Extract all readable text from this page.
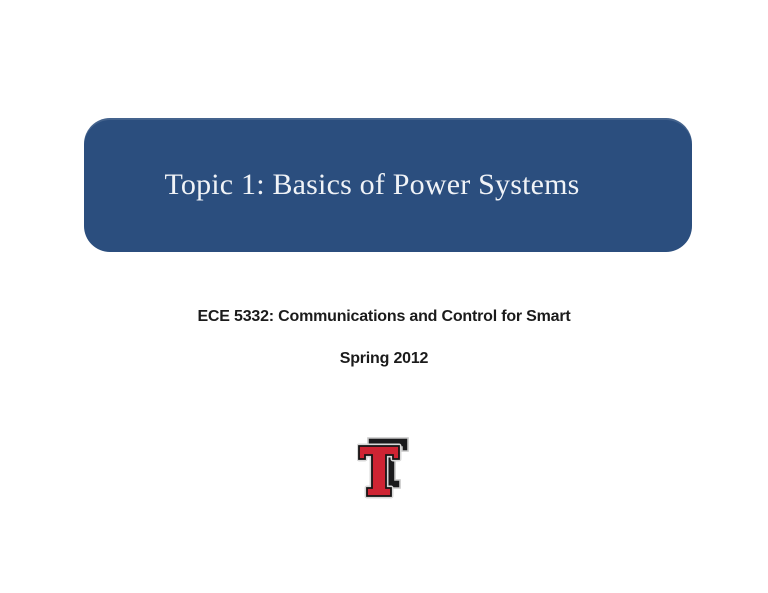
Topic 1: Basics of Power Systems
ECE 5332: Communications and Control for Smart
Spring 2012
